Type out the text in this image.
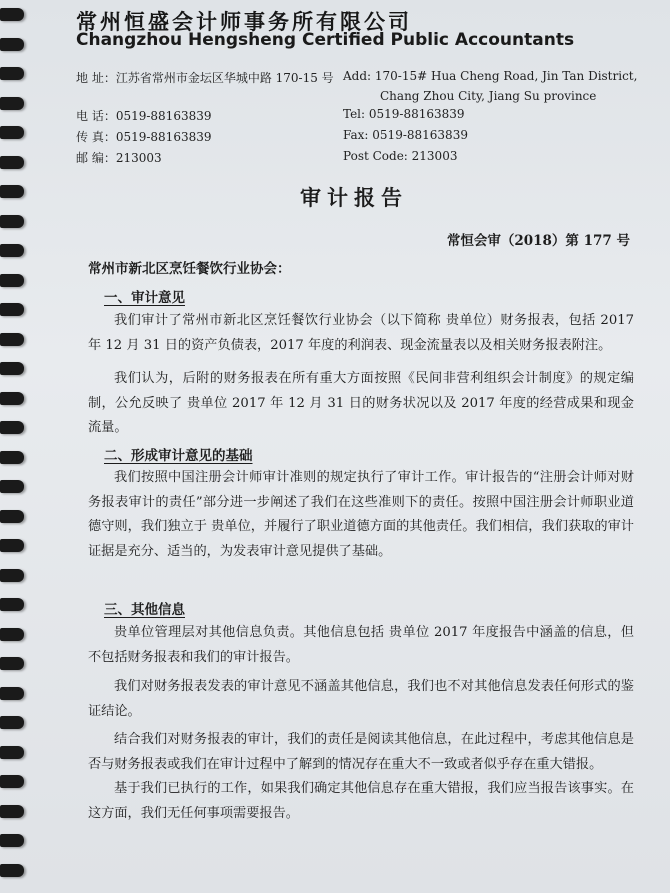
常州恒盛会计师事务所有限公司
Changzhou Hengsheng Certified Public Accountants
地 址：江苏省常州市金坛区华城中路 170-15 号 Add: 170-15# Hua Cheng Road, Jin Tan District,
Chang Zhou City, Jiang Su province
电 话：0519-88163839	Tel: 0519-88163839
传 真：0519-88163839	Fax: 0519-88163839
邮 编：213003	Post Code: 213003
审计报告
常恒会审（2018）第 177 号
常州市新北区烹饪餐饮行业协会：
一、审计意见

我们审计了常州市新北区烹饪餐饮行业协会（以下简称 贵单位）财务报表，包括 2017 年 12 月 31 日的资产负债表，2017 年度的利润表、现金流量表以及相关财务报表附注。

我们认为，后附的财务报表在所有重大方面按照《民间非营利组织会计制度》的规定编制，公允反映了 贵单位 2017 年 12 月 31 日的财务状况以及 2017 年度的经营成果和现金流量。

二、形成审计意见的基础

我们按照中国注册会计师审计准则的规定执行了审计工作。审计报告的“注册会计师对财务报表审计的责任”部分进一步阐述了我们在这些准则下的责任。按照中国注册会计师职业道德守则，我们独立于 贵单位，并履行了职业道德方面的其他责任。我们相信，我们获取的审计证据是充分、适当的，为发表审计意见提供了基础。

三、其他信息

贵单位管理层对其他信息负责。其他信息包括 贵单位 2017 年度报告中涵盖的信息，但不包括财务报表和我们的审计报告。

我们对财务报表发表的审计意见不涵盖其他信息，我们也不对其他信息发表任何形式的鉴证结论。

结合我们对财务报表的审计，我们的责任是阅读其他信息，在此过程中，考虑其他信息是否与财务报表或我们在审计过程中了解到的情况存在重大不一致或者似乎存在重大错报。

基于我们已执行的工作，如果我们确定其他信息存在重大错报，我们应当报告该事实。在这方面，我们无任何事项需要报告。
